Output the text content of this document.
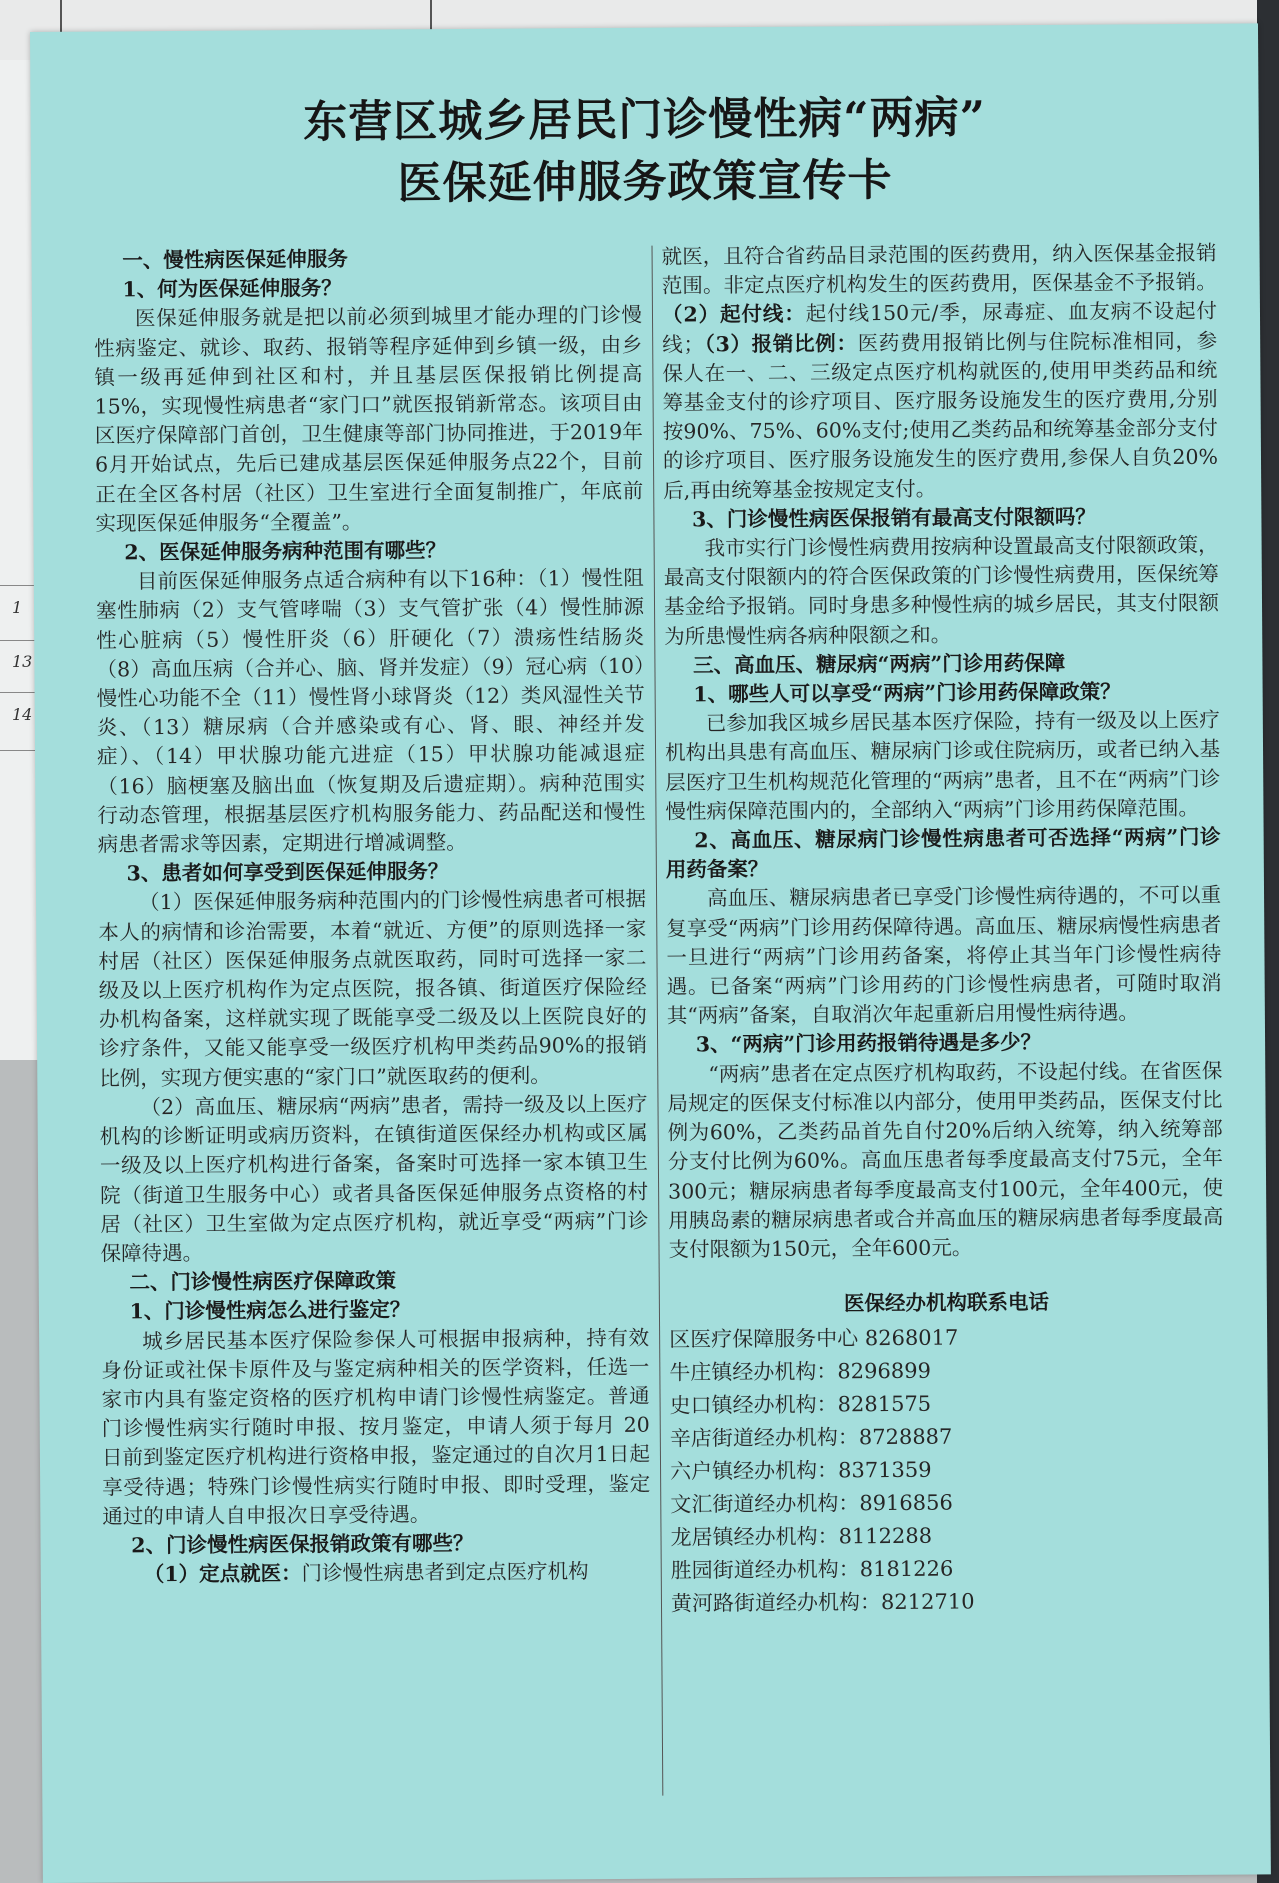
1
13
14
东营区城乡居民门诊慢性病“两病”
医保延伸服务政策宣传卡
一、慢性病医保延伸服务
1、何为医保延伸服务？

医保延伸服务就是把以前必须到城里才能办理的门诊慢性病鉴定、就诊、取药、报销等程序延伸到乡镇一级，由乡镇一级再延伸到社区和村，并且基层医保报销比例提高15%，实现慢性病患者“家门口”就医报销新常态。该项目由区医疗保障部门首创，卫生健康等部门协同推进，于2019年6月开始试点，先后已建成基层医保延伸服务点22个，目前正在全区各村居（社区）卫生室进行全面复制推广，年底前实现医保延伸服务“全覆盖”。

2、医保延伸服务病种范围有哪些？

目前医保延伸服务点适合病种有以下16种：（1）慢性阻塞性肺病（2）支气管哮喘（3）支气管扩张（4）慢性肺源性心脏病（5）慢性肝炎（6）肝硬化（7）溃疡性结肠炎（8）高血压病（合并心、脑、肾并发症）（9）冠心病（10）慢性心功能不全（11）慢性肾小球肾炎（12）类风湿性关节炎、（13）糖尿病（合并感染或有心、肾、眼、神经并发症）、（14）甲状腺功能亢进症（15）甲状腺功能减退症（16）脑梗塞及脑出血（恢复期及后遗症期）。病种范围实行动态管理，根据基层医疗机构服务能力、药品配送和慢性病患者需求等因素，定期进行增减调整。

3、患者如何享受到医保延伸服务？

（1）医保延伸服务病种范围内的门诊慢性病患者可根据本人的病情和诊治需要，本着“就近、方便”的原则选择一家村居（社区）医保延伸服务点就医取药，同时可选择一家二级及以上医疗机构作为定点医院，报各镇、街道医疗保险经办机构备案，这样就实现了既能享受二级及以上医院良好的诊疗条件，又能又能享受一级医疗机构甲类药品90%的报销比例，实现方便实惠的“家门口”就医取药的便利。

（2）高血压、糖尿病“两病”患者，需持一级及以上医疗机构的诊断证明或病历资料，在镇街道医保经办机构或区属一级及以上医疗机构进行备案，备案时可选择一家本镇卫生院（街道卫生服务中心）或者具备医保延伸服务点资格的村居（社区）卫生室做为定点医疗机构，就近享受“两病”门诊保障待遇。

二、门诊慢性病医疗保障政策
1、门诊慢性病怎么进行鉴定？

城乡居民基本医疗保险参保人可根据申报病种，持有效身份证或社保卡原件及与鉴定病种相关的医学资料，任选一家市内具有鉴定资格的医疗机构申请门诊慢性病鉴定。普通门诊慢性病实行随时申报、按月鉴定，申请人须于每月 20 日前到鉴定医疗机构进行资格申报，鉴定通过的自次月1日起享受待遇；特殊门诊慢性病实行随时申报、即时受理，鉴定通过的申请人自申报次日享受待遇。

2、门诊慢性病医保报销政策有哪些？

（1）定点就医：门诊慢性病患者到定点医疗机构

就医，且符合省药品目录范围的医药费用，纳入医保基金报销范围。非定点医疗机构发生的医药费用，医保基金不予报销。（2）起付线：起付线150元/季，尿毒症、血友病不设起付线；（3）报销比例：医药费用报销比例与住院标准相同，参保人在一、二、三级定点医疗机构就医的,使用甲类药品和统筹基金支付的诊疗项目、医疗服务设施发生的医疗费用,分别按90%、75%、60%支付;使用乙类药品和统筹基金部分支付的诊疗项目、医疗服务设施发生的医疗费用,参保人自负20%后,再由统筹基金按规定支付。

3、门诊慢性病医保报销有最高支付限额吗？

我市实行门诊慢性病费用按病种设置最高支付限额政策，最高支付限额内的符合医保政策的门诊慢性病费用，医保统筹基金给予报销。同时身患多种慢性病的城乡居民，其支付限额为所患慢性病各病种限额之和。

三、高血压、糖尿病“两病”门诊用药保障
1、哪些人可以享受“两病”门诊用药保障政策？

已参加我区城乡居民基本医疗保险，持有一级及以上医疗机构出具患有高血压、糖尿病门诊或住院病历，或者已纳入基层医疗卫生机构规范化管理的“两病”患者，且不在“两病”门诊慢性病保障范围内的，全部纳入“两病”门诊用药保障范围。

2、高血压、糖尿病门诊慢性病患者可否选择“两病”门诊用药备案？

高血压、糖尿病患者已享受门诊慢性病待遇的，不可以重复享受“两病”门诊用药保障待遇。高血压、糖尿病慢性病患者一旦进行“两病”门诊用药备案，将停止其当年门诊慢性病待遇。已备案“两病”门诊用药的门诊慢性病患者，可随时取消其“两病”备案，自取消次年起重新启用慢性病待遇。

3、“两病”门诊用药报销待遇是多少？

“两病”患者在定点医疗机构取药，不设起付线。在省医保局规定的医保支付标准以内部分，使用甲类药品，医保支付比例为60%，乙类药品首先自付20%后纳入统筹，纳入统筹部分支付比例为60%。高血压患者每季度最高支付75元，全年300元；糖尿病患者每季度最高支付100元，全年400元，使用胰岛素的糖尿病患者或合并高血压的糖尿病患者每季度最高支付限额为150元，全年600元。

医保经办机构联系电话

区医疗保障服务中心 8268017

牛庄镇经办机构：8296899

史口镇经办机构：8281575

辛店街道经办机构：8728887

六户镇经办机构：8371359

文汇街道经办机构：8916856

龙居镇经办机构：8112288

胜园街道经办机构：8181226

黄河路街道经办机构：8212710
